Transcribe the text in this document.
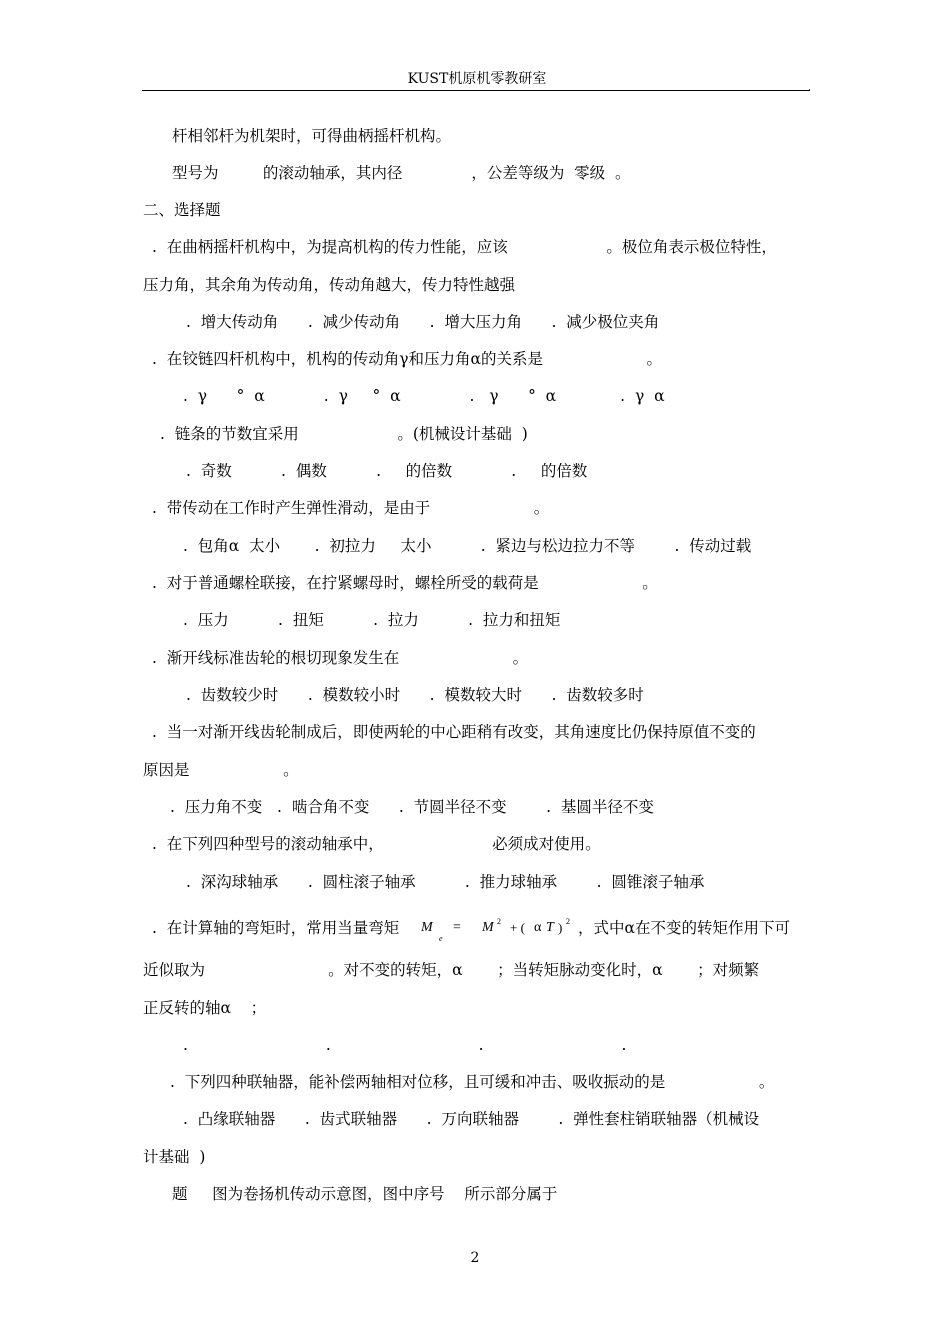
KUST机原机零教研室
,
杆相邻杆为机架时，可得曲柄摇杆机构。
型号为         的滚动轴承，其内径              ，公差等级为  零级  。
二、选择题
.  在曲柄摇杆机构中，为提高机构的传力性能，应该                    。极位角表示极位特性，
压力角，其余角为传动角，传动角越大，传力特性越强
.  增大传动角      .  减少传动角      .  增大压力角      .  减少极位夹角
.  在铰链四杆机构中，机构的传动角γ和压力角α的关系是                     。
.  γ      °  α            .  γ     °  α              .   γ      °  α             .  γ  α
.  链条的节数宜采用                    。(机械设计基础  )
.  奇数          .  偶数          .     的倍数            .     的倍数
.  带传动在工作时产生弹性滑动，是由于                     。
.  包角α  太小       .  初拉力     太小          .  紧边与松边拉力不等        .  传动过载
.  对于普通螺栓联接，在拧紧螺母时，螺栓所受的载荷是                     。
.  压力          .  扭矩          .  拉力          .  拉力和扭矩
.  渐开线标准齿轮的根切现象发生在                       。
.  齿数较少时      .  模数较小时      .  模数较大时      .  齿数较多时
.  当一对渐开线齿轮制成后，即使两轮的中心距稍有改变，其角速度比仍保持原值不变的
原因是                   。
.  压力角不变   .  啮合角不变      .  节圆半径不变        .  基圆半径不变
.  在下列四种型号的滚动轴承中，                      必须成对使用。
.  深沟球轴承      .  圆柱滚子轴承          .  推力球轴承        .  圆锥滚子轴承
.  在计算轴的弯矩时，常用当量弯矩 M
e
= M 2 + ( α T ) 2 ，式中α在不变的转矩作用下可
近似取为                         。对不变的转矩，α       ；当转矩脉动变化时，α       ；对频繁
正反转的轴α    ；
.                            .                              .                            .
.  下列四种联轴器，能补偿两轴相对位移，且可缓和冲击、吸收振动的是                   。
.  凸缘联轴器      .  齿式联轴器      .  万向联轴器        .  弹性套柱销联轴器（机械设
计基础  )
题     图为卷扬机传动示意图，图中序号    所示部分属于
2
